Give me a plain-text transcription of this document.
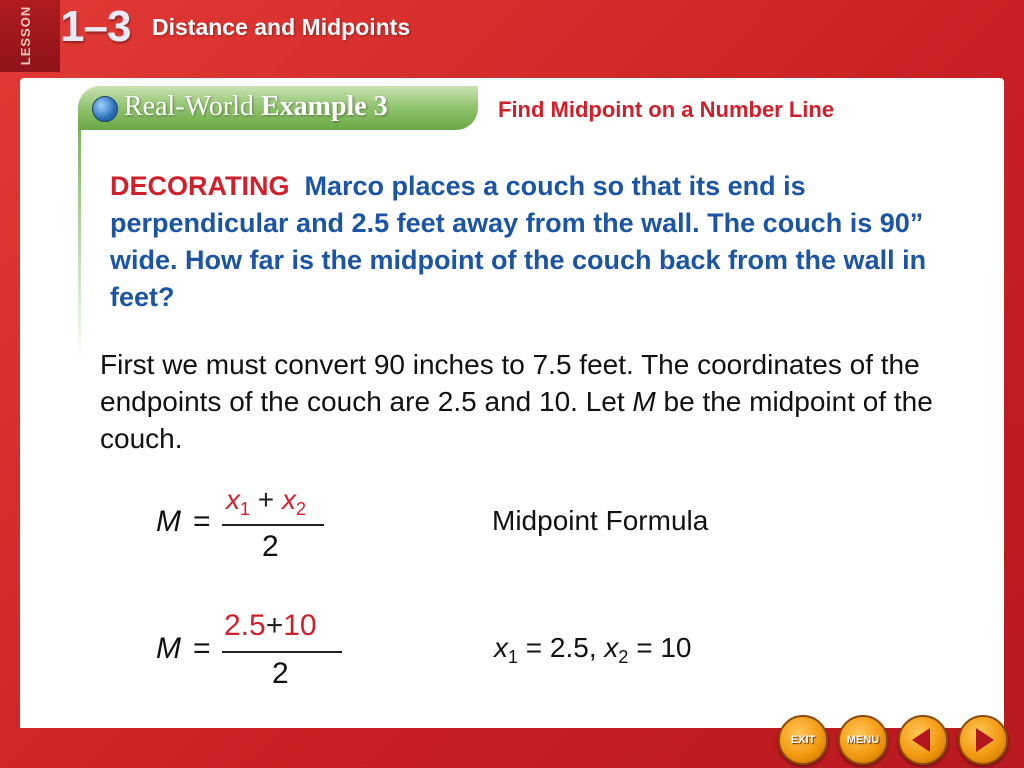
LESSON 1–3 Distance and Midpoints
Real-World Example 3	Find Midpoint on a Number Line
DECORATING Marco places a couch so that its end is perpendicular and 2.5 feet away from the wall. The couch is 90” wide. How far is the midpoint of the couch back from the wall in feet?
First we must convert 90 inches to 7.5 feet. The coordinates of the endpoints of the couch are 2.5 and 10. Let M be the midpoint of the couch.
M =
$x_1 + x_2$
2
Midpoint Formula
M =
2.5+10
2
$x_1 = 2.5$, $x_2 = 10$
EXIT	MENU
